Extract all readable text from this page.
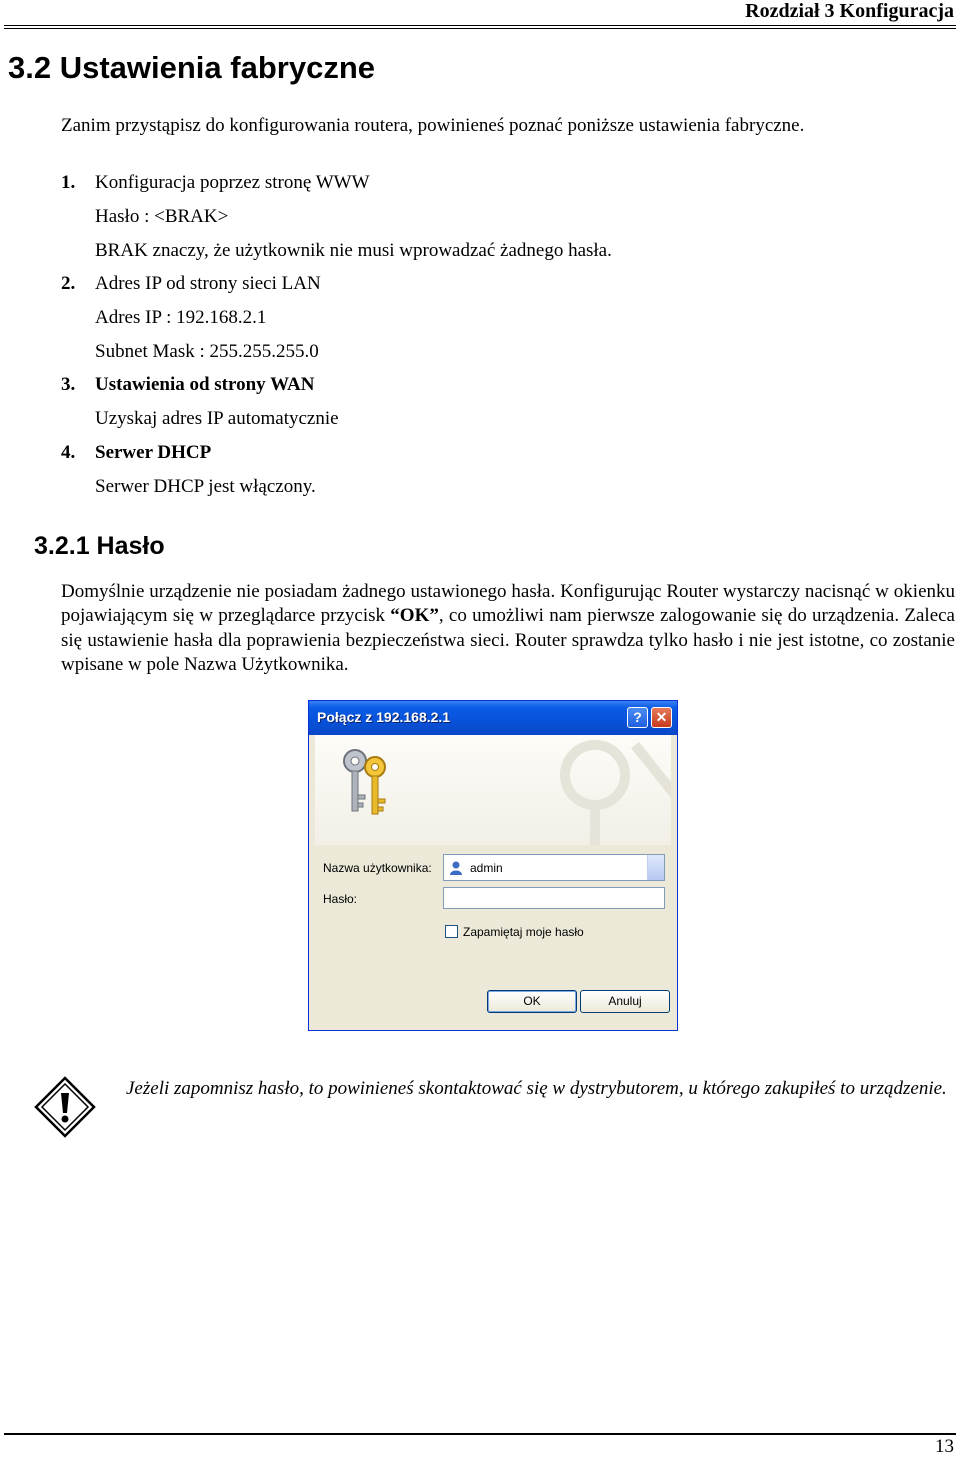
Rozdział 3 Konfiguracja
3.2 Ustawienia fabryczne
Zanim przystąpisz do konfigurowania routera, powinieneś poznać poniższe ustawienia fabryczne.
1. Konfiguracja poprzez stronę WWW
Hasło : <BRAK>
BRAK znaczy, że użytkownik nie musi wprowadzać żadnego hasła.
2. Adres IP od strony sieci LAN
Adres IP : 192.168.2.1
Subnet Mask : 255.255.255.0
3. Ustawienia od strony WAN
Uzyskaj adres IP automatycznie
4. Serwer DHCP
Serwer DHCP jest włączony.
3.2.1 Hasło
Domyślnie urządzenie nie posiadam żadnego ustawionego hasła. Konfigurując Router wystarczy nacisnąć w okienku pojawiającym się w przeglądarce przycisk “OK”, co umożliwi nam pierwsze zalogowanie się do urządzenia. Zaleca się ustawienie hasła dla poprawienia bezpieczeństwa sieci. Router sprawdza tylko hasło i nie jest istotne, co zostanie wpisane w pole Nazwa Użytkownika.
Połącz z 192.168.2.1	? ✕
Nazwa użytkownika:	admin
Hasło:
Zapamiętaj moje hasło
OK	Anuluj
Jeżeli zapomnisz hasło, to powinieneś skontaktować się w dystrybutorem, u którego zakupiłeś to urządzenie.
13
